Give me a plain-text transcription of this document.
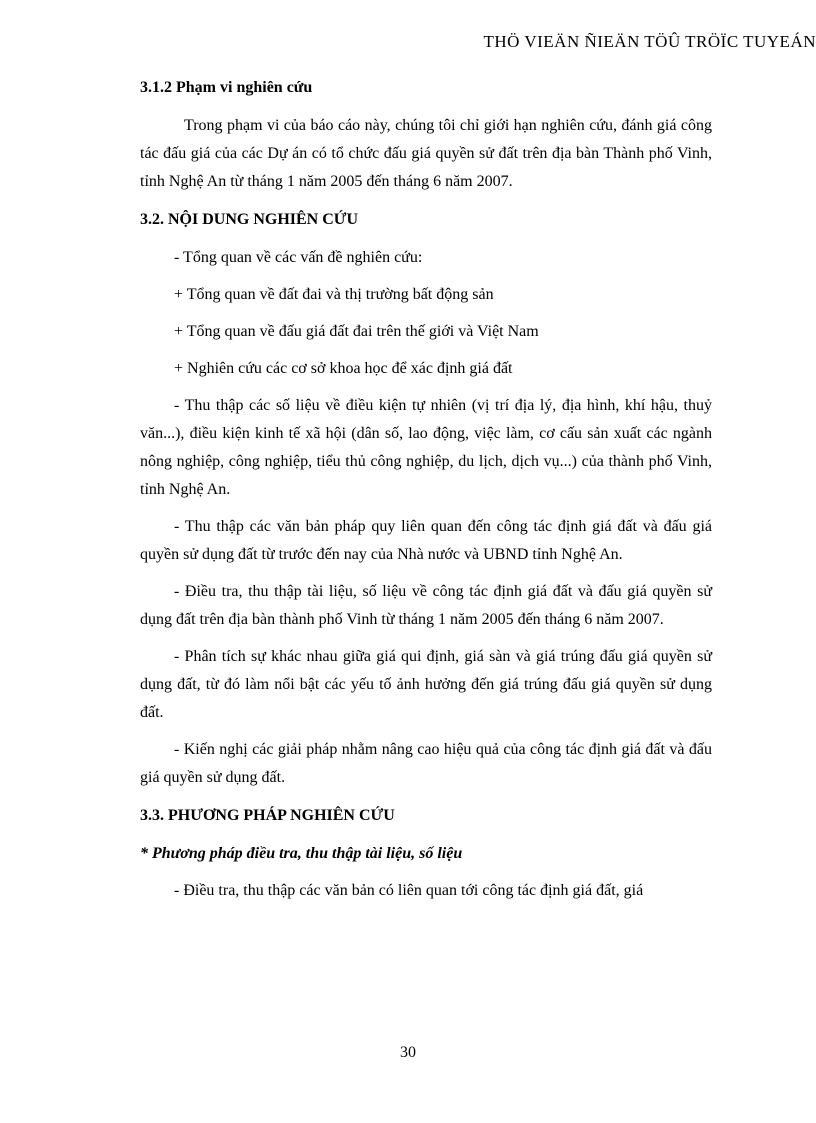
THÖ VIEÄN ÑIEÄN TÖÛ TRÖÏC TUYEÁN
3.1.2 Phạm vi nghiên cứu

Trong phạm vi của báo cáo này, chúng tôi chỉ giới hạn nghiên cứu, đánh giá công tác đấu giá của các Dự án có tổ chức đấu giá quyền sử đất trên địa bàn Thành phố Vinh, tỉnh Nghệ An từ tháng 1 năm 2005 đến tháng 6 năm 2007.

3.2. NỘI DUNG NGHIÊN CỨU

- Tổng quan về các vấn đề nghiên cứu:

+ Tổng quan về đất đai và thị trường bất động sản

+ Tổng quan về đấu giá đất đai trên thế giới và Việt Nam

+ Nghiên cứu các cơ sở khoa học để xác định giá đất

- Thu thập các số liệu về điều kiện tự nhiên (vị trí địa lý, địa hình, khí hậu, thuỷ văn...), điều kiện kinh tế xã hội (dân số, lao động, việc làm, cơ cấu sản xuất các ngành nông nghiệp, công nghiệp, tiểu thủ công nghiệp, du lịch, dịch vụ...) của thành phố Vinh, tỉnh Nghệ An.

- Thu thập các văn bản pháp quy liên quan đến công tác định giá đất và đấu giá quyền sử dụng đất từ trước đến nay của Nhà nước và UBND tỉnh Nghệ An.

- Điều tra, thu thập tài liệu, số liệu về công tác định giá đất và đấu giá quyền sử dụng đất trên địa bàn thành phố Vinh từ tháng 1 năm 2005 đến tháng 6 năm 2007.

- Phân tích sự khác nhau giữa giá qui định, giá sàn và giá trúng đấu giá quyền sử dụng đất, từ đó làm nổi bật các yếu tố ảnh hưởng đến giá trúng đấu giá quyền sử dụng đất.

- Kiến nghị các giải pháp nhằm nâng cao hiệu quả của công tác định giá đất và đấu giá quyền sử dụng đất.

3.3. PHƯƠNG PHÁP NGHIÊN CỨU
* Phương pháp điều tra, thu thập tài liệu, số liệu

- Điều tra, thu thập các văn bản có liên quan tới công tác định giá đất, giá

30
